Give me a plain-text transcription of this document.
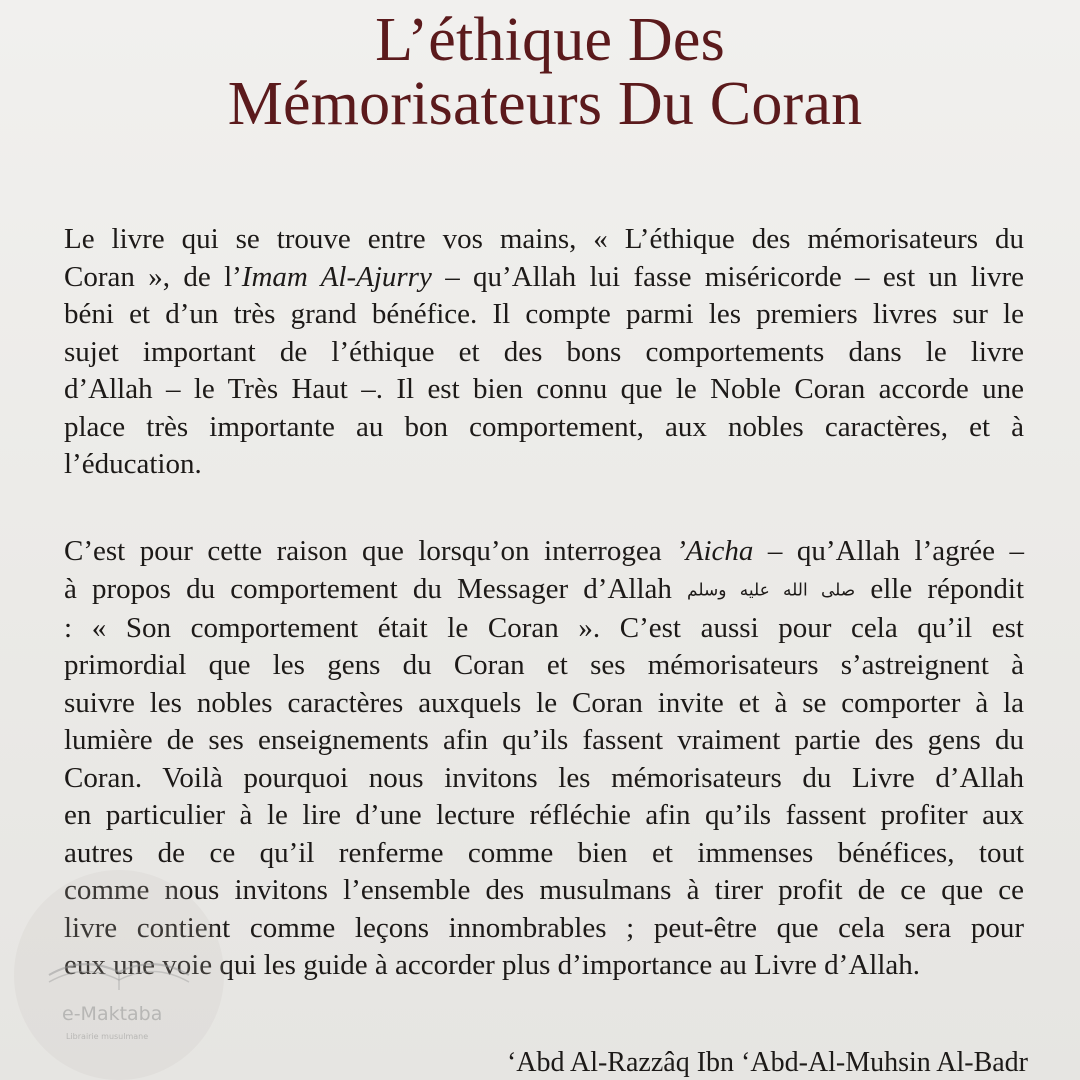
L’éthique Des
Mémorisateurs Du Coran
Le livre qui se trouve entre vos mains, « L’éthique des mémorisateurs du
Coran », de l’Imam Al-Ajurry – qu’Allah lui fasse miséricorde – est un livre
béni et d’un très grand bénéfice. Il compte parmi les premiers livres sur le
sujet important de l’éthique et des bons comportements dans le livre
d’Allah – le Très Haut –. Il est bien connu que le Noble Coran accorde une
place très importante au bon comportement, aux nobles caractères, et à
l’éducation.
C’est pour cette raison que lorsqu’on interrogea ’Aicha – qu’Allah l’agrée –
à propos du comportement du Messager d’Allah صلى الله عليه وسلم elle répondit
: « Son comportement était le Coran ». C’est aussi pour cela qu’il est
primordial que les gens du Coran et ses mémorisateurs s’astreignent à
suivre les nobles caractères auxquels le Coran invite et à se comporter à la
lumière de ses enseignements afin qu’ils fassent vraiment partie des gens du
Coran. Voilà pourquoi nous invitons les mémorisateurs du Livre d’Allah
en particulier à le lire d’une lecture réfléchie afin qu’ils fassent profiter aux
autres de ce qu’il renferme comme bien et immenses bénéfices, tout
comme nous invitons l’ensemble des musulmans à tirer profit de ce que ce
livre contient comme leçons innombrables ; peut-être que cela sera pour
eux une voie qui les guide à accorder plus d’importance au Livre d’Allah.
‘Abd Al-Razzâq Ibn ‘Abd-Al-Muhsin Al-Badr
e-Maktaba
Librairie musulmane
